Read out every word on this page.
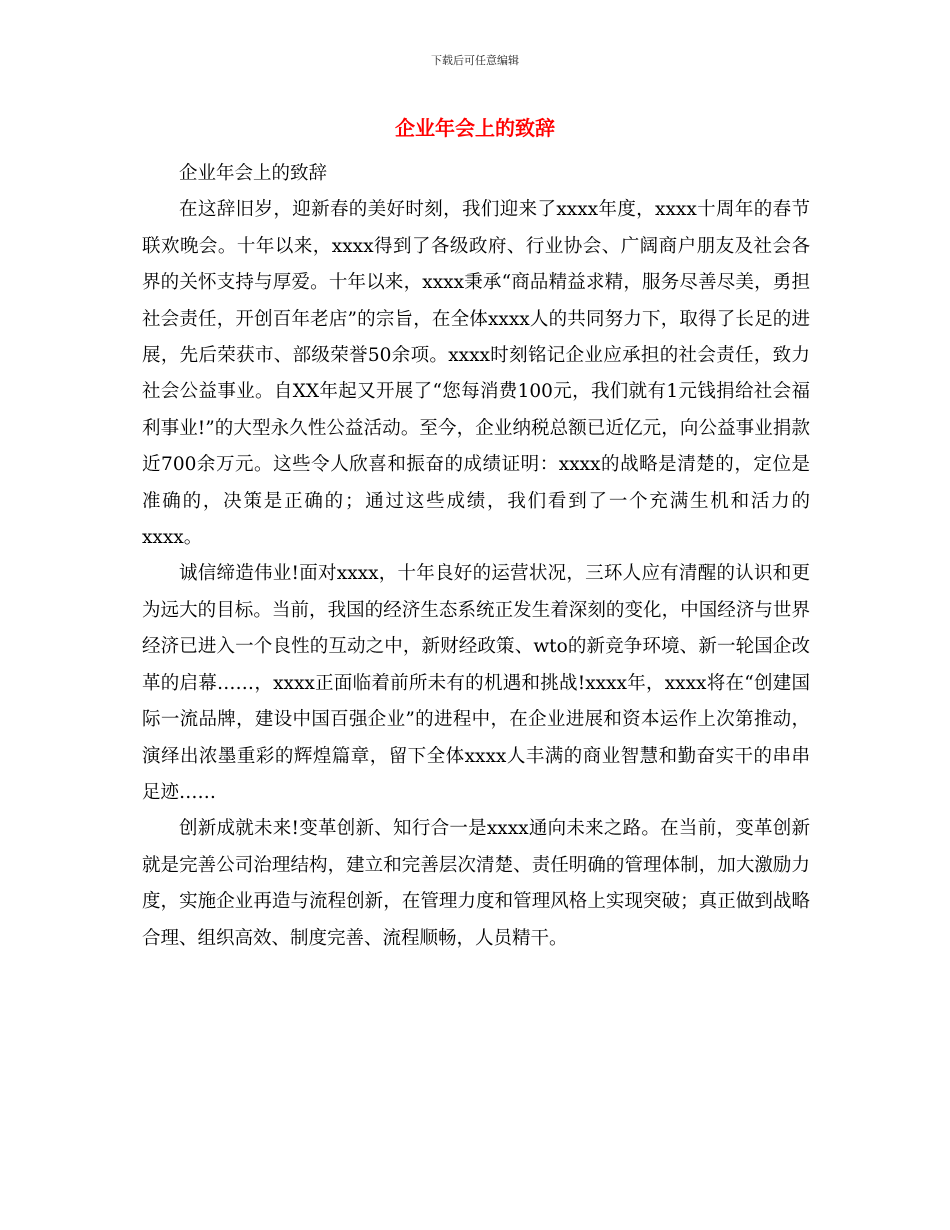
下载后可任意编辑
企业年会上的致辞

企业年会上的致辞

在这辞旧岁，迎新春的美好时刻，我们迎来了xxxx年度，xxxx十周年的春节联欢晚会。十年以来，xxxx得到了各级政府、行业协会、广阔商户朋友及社会各界的关怀支持与厚爱。十年以来，xxxx秉承“商品精益求精，服务尽善尽美，勇担社会责任，开创百年老店”的宗旨，在全体xxxx人的共同努力下，取得了长足的进展，先后荣获市、部级荣誉50余项。xxxx时刻铭记企业应承担的社会责任，致力社会公益事业。自XX年起又开展了“您每消费100元，我们就有1元钱捐给社会福利事业!”的大型永久性公益活动。至今，企业纳税总额已近亿元，向公益事业捐款近700余万元。这些令人欣喜和振奋的成绩证明：xxxx的战略是清楚的，定位是准确的，决策是正确的；通过这些成绩，我们看到了一个充满生机和活力的xxxx。

诚信缔造伟业!面对xxxx，十年良好的运营状况，三环人应有清醒的认识和更为远大的目标。当前，我国的经济生态系统正发生着深刻的变化，中国经济与世界经济已进入一个良性的互动之中，新财经政策、wto的新竞争环境、新一轮国企改革的启幕……，xxxx正面临着前所未有的机遇和挑战!xxxx年，xxxx将在“创建国际一流品牌，建设中国百强企业”的进程中，在企业进展和资本运作上次第推动，演绎出浓墨重彩的辉煌篇章，留下全体xxxx人丰满的商业智慧和勤奋实干的串串足迹……

创新成就未来!变革创新、知行合一是xxxx通向未来之路。在当前，变革创新就是完善公司治理结构，建立和完善层次清楚、责任明确的管理体制，加大激励力度，实施企业再造与流程创新，在管理力度和管理风格上实现突破；真正做到战略合理、组织高效、制度完善、流程顺畅，人员精干。
